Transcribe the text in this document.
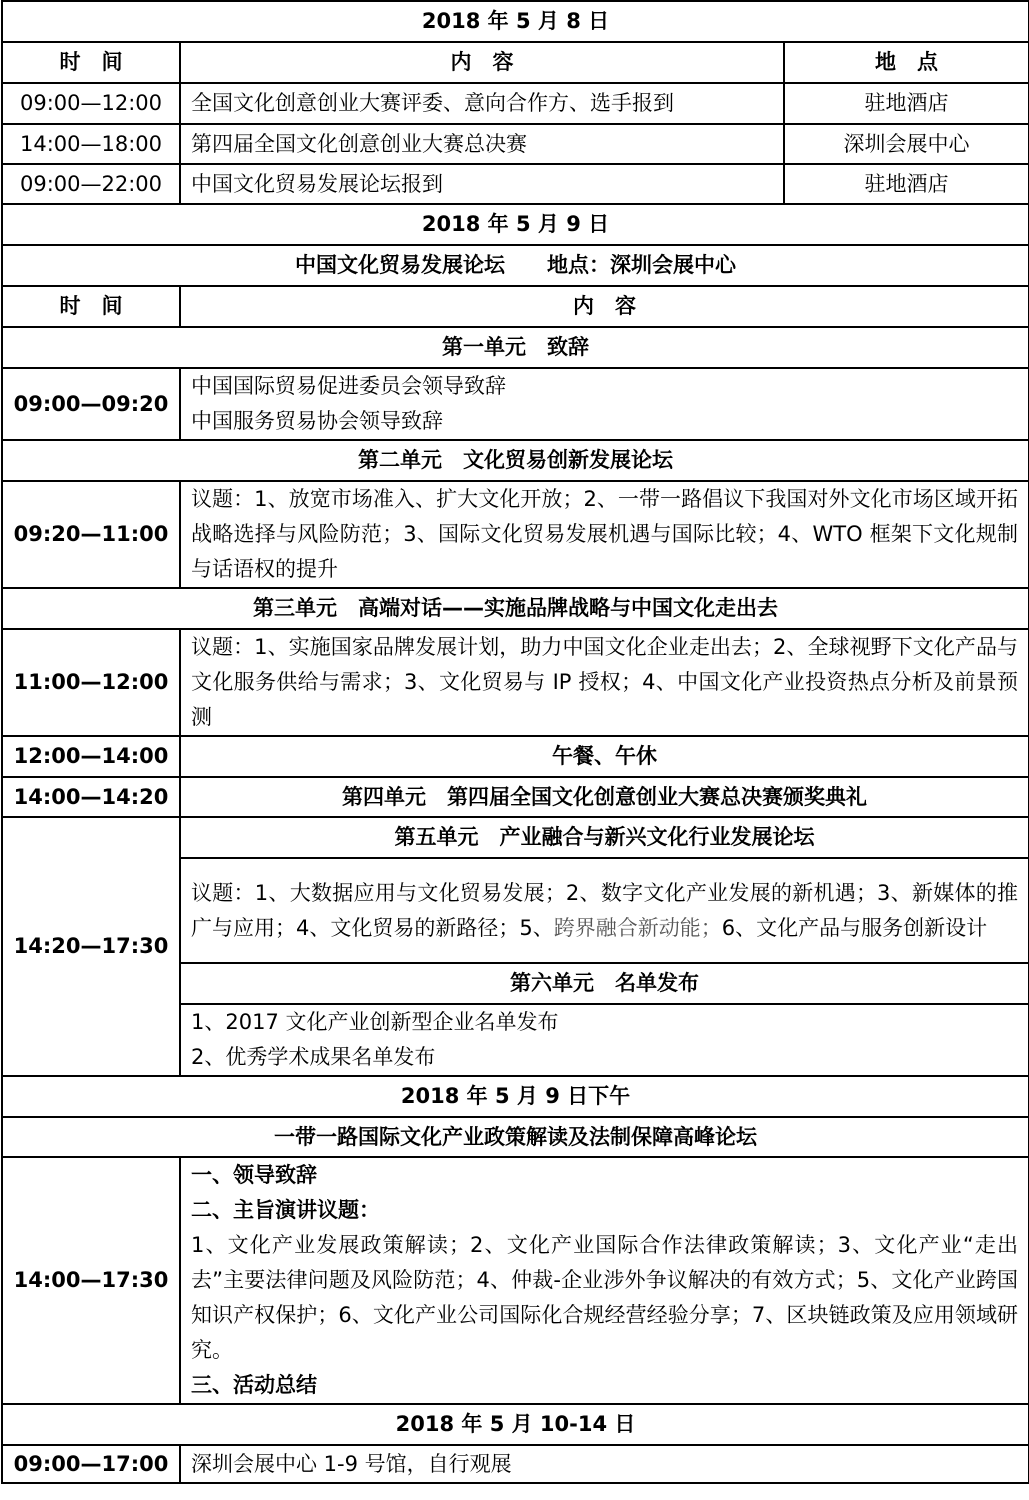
2018 年 5 月 8 日		
时　间	内　容	地　点
09:00—12:00	全国文化创意创业大赛评委、意向合作方、选手报到	驻地酒店
14:00—18:00	第四届全国文化创意创业大赛总决赛	深圳会展中心
09:00—22:00	中国文化贸易发展论坛报到	驻地酒店
2018 年 5 月 9 日		
中国文化贸易发展论坛　　地点：深圳会展中心		
时　间	内　容	
第一单元　致辞		
09:00—09:20	中国国际贸易促进委员会领导致辞
中国服务贸易协会领导致辞	

第二单元　文化贸易创新发展论坛		
09:20—11:00	议题：1、放宽市场准入、扩大文化开放；2、一带一路倡议下我国对外文化市场区域开拓战略选择与风险防范；3、国际文化贸易发展机遇与国际比较；4、WTO 框架下文化规制与话语权的提升	
第三单元　高端对话——实施品牌战略与中国文化走出去		
11:00—12:00	议题：1、实施国家品牌发展计划，助力中国文化企业走出去；2、全球视野下文化产品与文化服务供给与需求；3、文化贸易与 IP 授权；4、中国文化产业投资热点分析及前景预测	
12:00—14:00	午餐、午休	
14:00—14:20	第四单元　第四届全国文化创意创业大赛总决赛颁奖典礼	
14:20—17:30	第五单元　产业融合与新兴文化行业发展论坛	
	议题：1、大数据应用与文化贸易发展；2、数字文化产业发展的新机遇；3、新媒体的推广与应用；4、文化贸易的新路径；5、跨界融合新动能；6、文化产品与服务创新设计	
	第六单元　名单发布	

	1、2017 文化产业创新型企业名单发布
2、优秀学术成果名单发布	

2018 年 5 月 9 日下午		
一带一路国际文化产业政策解读及法制保障高峰论坛		
14:00—17:30	一、领导致辞
二、主旨演讲议题：
1、文化产业发展政策解读；2、文化产业国际合作法律政策解读；3、文化产业“走出去”主要法律问题及风险防范；4、仲裁-企业涉外争议解决的有效方式；5、文化产业跨国知识产权保护；6、文化产业公司国际化合规经营经验分享；7、区块链政策及应用领域研究。
三、活动总结	

2018 年 5 月 10-14 日		
09:00—17:00	深圳会展中心 1-9 号馆，自行观展	
